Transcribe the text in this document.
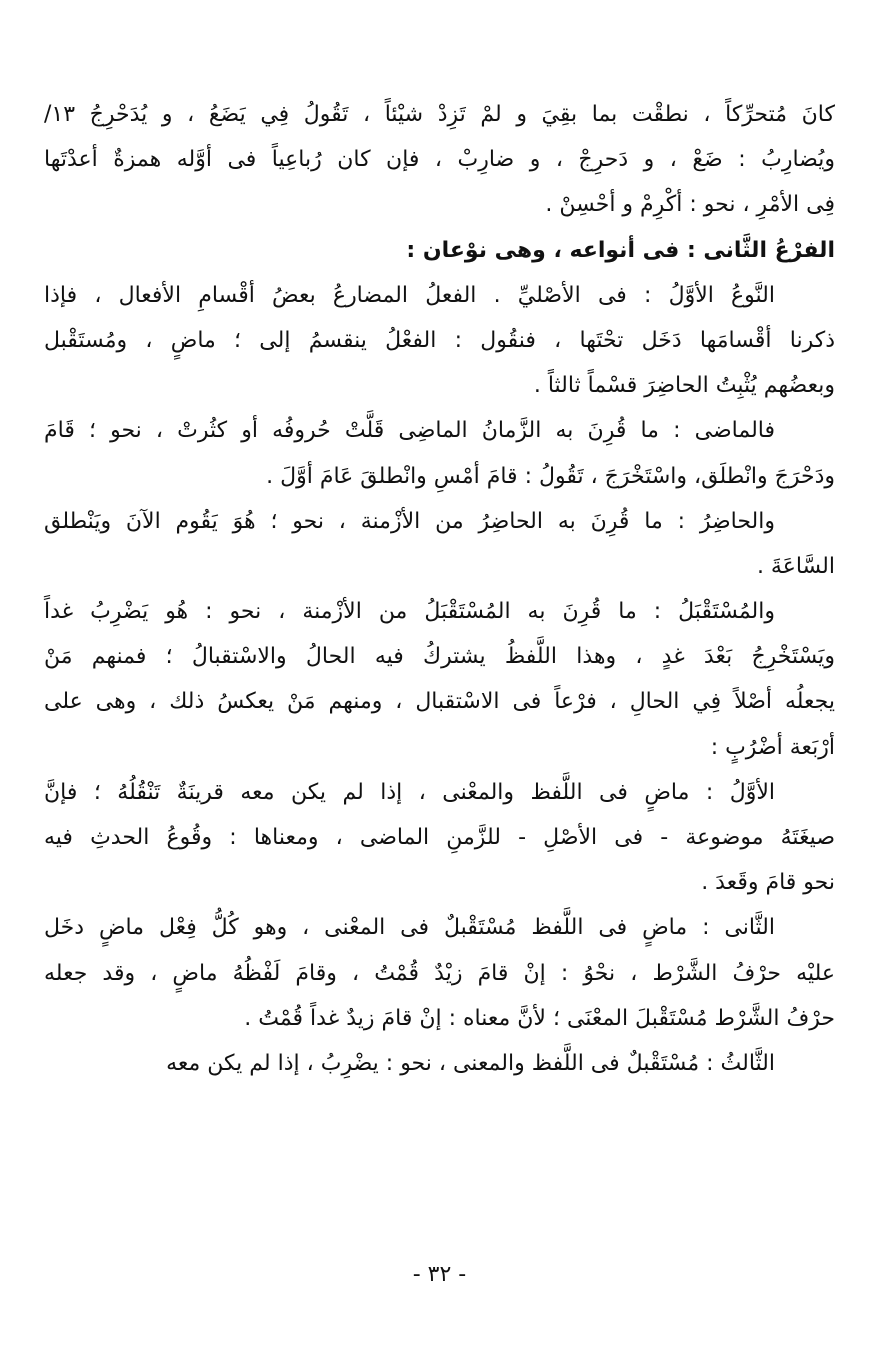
كانَ مُتحرِّكاً ، نطقْت بما بقِيَ و لمْ تَزِدْ شيْئاً ، تَقُولُ فِي يَضَعُ ، و يُدَحْرِجُ ١٣/
ويُضارِبُ : ضَعْ ، و دَحرِجْ ، و ضارِبْ ، فإن كان رُباعِياً فى أوَّله همزةٌ أعدْتَها
فِى الأمْرِ ، نحو : أكْرِمْ و أحْسِنْ .
الفرْعُ الثَّانى : فى أنواعه ، وهى نوْعان :
النَّوعُ الأوَّلُ : فى الأصْليِّ . الفعلُ المضارعُ بعضُ أقْسامِ الأفعال ، فإذا
ذكرنا أقْسامَها دَخَل تحْتَها ، فنقُول : الفعْلُ ينقسمُ إلى ؛ ماضٍ ، ومُستَقْبل
وبعضُهم يُثْبِتُ الحاضِرَ قسْماً ثالثاً .
فالماضى : ما قُرِنَ به الزَّمانُ الماضِى قَلَّتْ حُروفُه أو كثُرتْ ، نحو ؛ قَامَ
ودَحْرَجَ وانْطلَق، واسْتَخْرَجَ ، تَقُولُ : قامَ أمْسِ وانْطلقَ عَامَ أوَّلَ .
والحاضِرُ : ما قُرِنَ به الحاضِرُ من الأزْمنة ، نحو ؛ هُوَ يَقُوم الآنَ ويَنْطلق
السَّاعَةَ .
والمُسْتَقْبَلُ : ما قُرِنَ به المُسْتَقْبَلُ من الأزْمنة ، نحو : هُو يَضْرِبُ غداً
ويَسْتَخْرِجُ بَعْدَ غدٍ ، وهذا اللَّفظُ يشتركُ فيه الحالُ والاسْتقبالُ ؛ فمنهم مَنْ
يجعلُه أصْلاً فِي الحالِ ، فرْعاً فى الاسْتقبال ، ومنهم مَنْ يعكسُ ذلك ، وهى على
أرْبَعة أضْرُبٍ :
الأوَّلُ : ماضٍ فى اللَّفظ والمعْنى ، إذا لم يكن معه قرينَةٌ تَنْقُلُهُ ؛ فإنَّ
صيغَتَهُ موضوعة - فى الأصْلِ - للزَّمنِ الماضى ، ومعناها : وقُوعُ الحدثِ فيه
نحو قامَ وقَعدَ .
الثَّانى : ماضٍ فى اللَّفظ مُسْتَقْبلٌ فى المعْنى ، وهو كُلُّ فِعْل ماضٍ دخَل
عليْه حرْفُ الشَّرْط ، نحْوُ : إنْ قامَ زيْدٌ قُمْتُ ، وقامَ لَفْظُهُ ماضٍ ، وقد جعله
حرْفُ الشَّرْط مُسْتَقْبلَ المعْنَى ؛ لأنَّ معناه : إنْ قامَ زيدٌ غداً قُمْتُ .
الثَّالثُ : مُسْتَقْبلٌ فى اللَّفظ والمعنى ، نحو : يضْرِبُ ، إذا لم يكن معه
- ٣٢ -
